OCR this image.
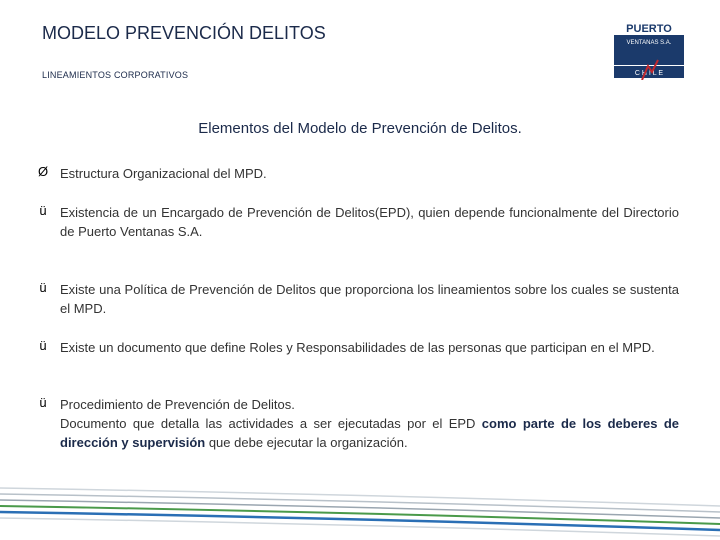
MODELO PREVENCIÓN DELITOS
LINEAMIENTOS CORPORATIVOS
PUERTO
VENTANAS S.A.
C H I L E
Elementos del Modelo de Prevención de Delitos.
Ø Estructura Organizacional del MPD.
ü Existencia de un Encargado de Prevención de Delitos(EPD), quien depende funcionalmente del Directorio de Puerto Ventanas S.A.
ü Existe una Política de Prevención de Delitos que proporciona los lineamientos sobre los cuales se sustenta el MPD.
ü Existe un documento que define Roles y Responsabilidades de las personas que participan en el MPD.
ü Procedimiento de Prevención de Delitos.
Documento que detalla las actividades a ser ejecutadas por el EPD como parte de los deberes de dirección y supervisión que debe ejecutar la organización.
